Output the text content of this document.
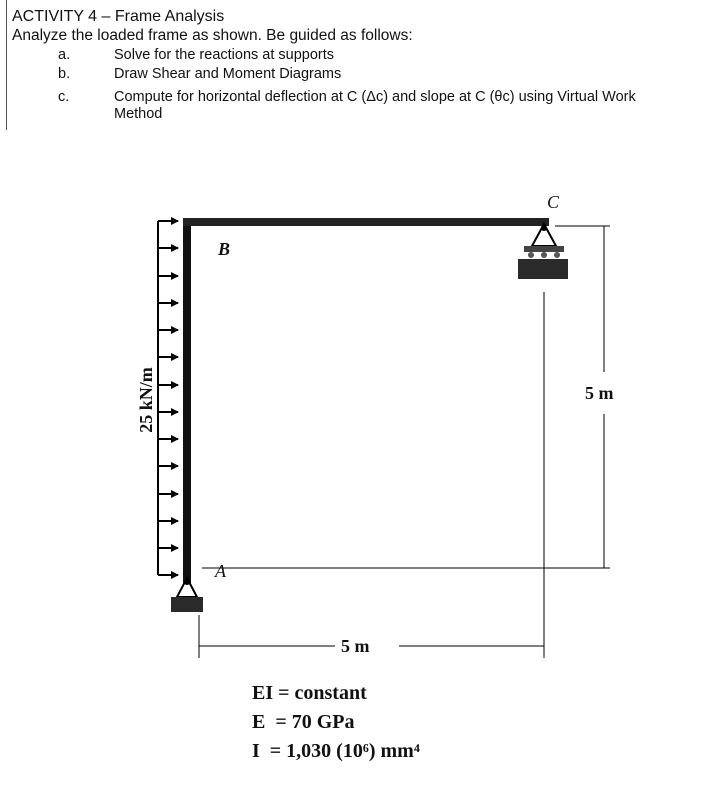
ACTIVITY 4 – Frame Analysis
Analyze the loaded frame as shown. Be guided as follows:
a.	Solve for the reactions at supports
b.	Draw Shear and Moment Diagrams
c.	Compute for horizontal deflection at C (Δc) and slope at C (θc) using Virtual Work
Method
B
C
A
25 kN/m	5 m
5 m
EI = constant
E  = 70 GPa
I  = 1,030 (10⁶) mm⁴
